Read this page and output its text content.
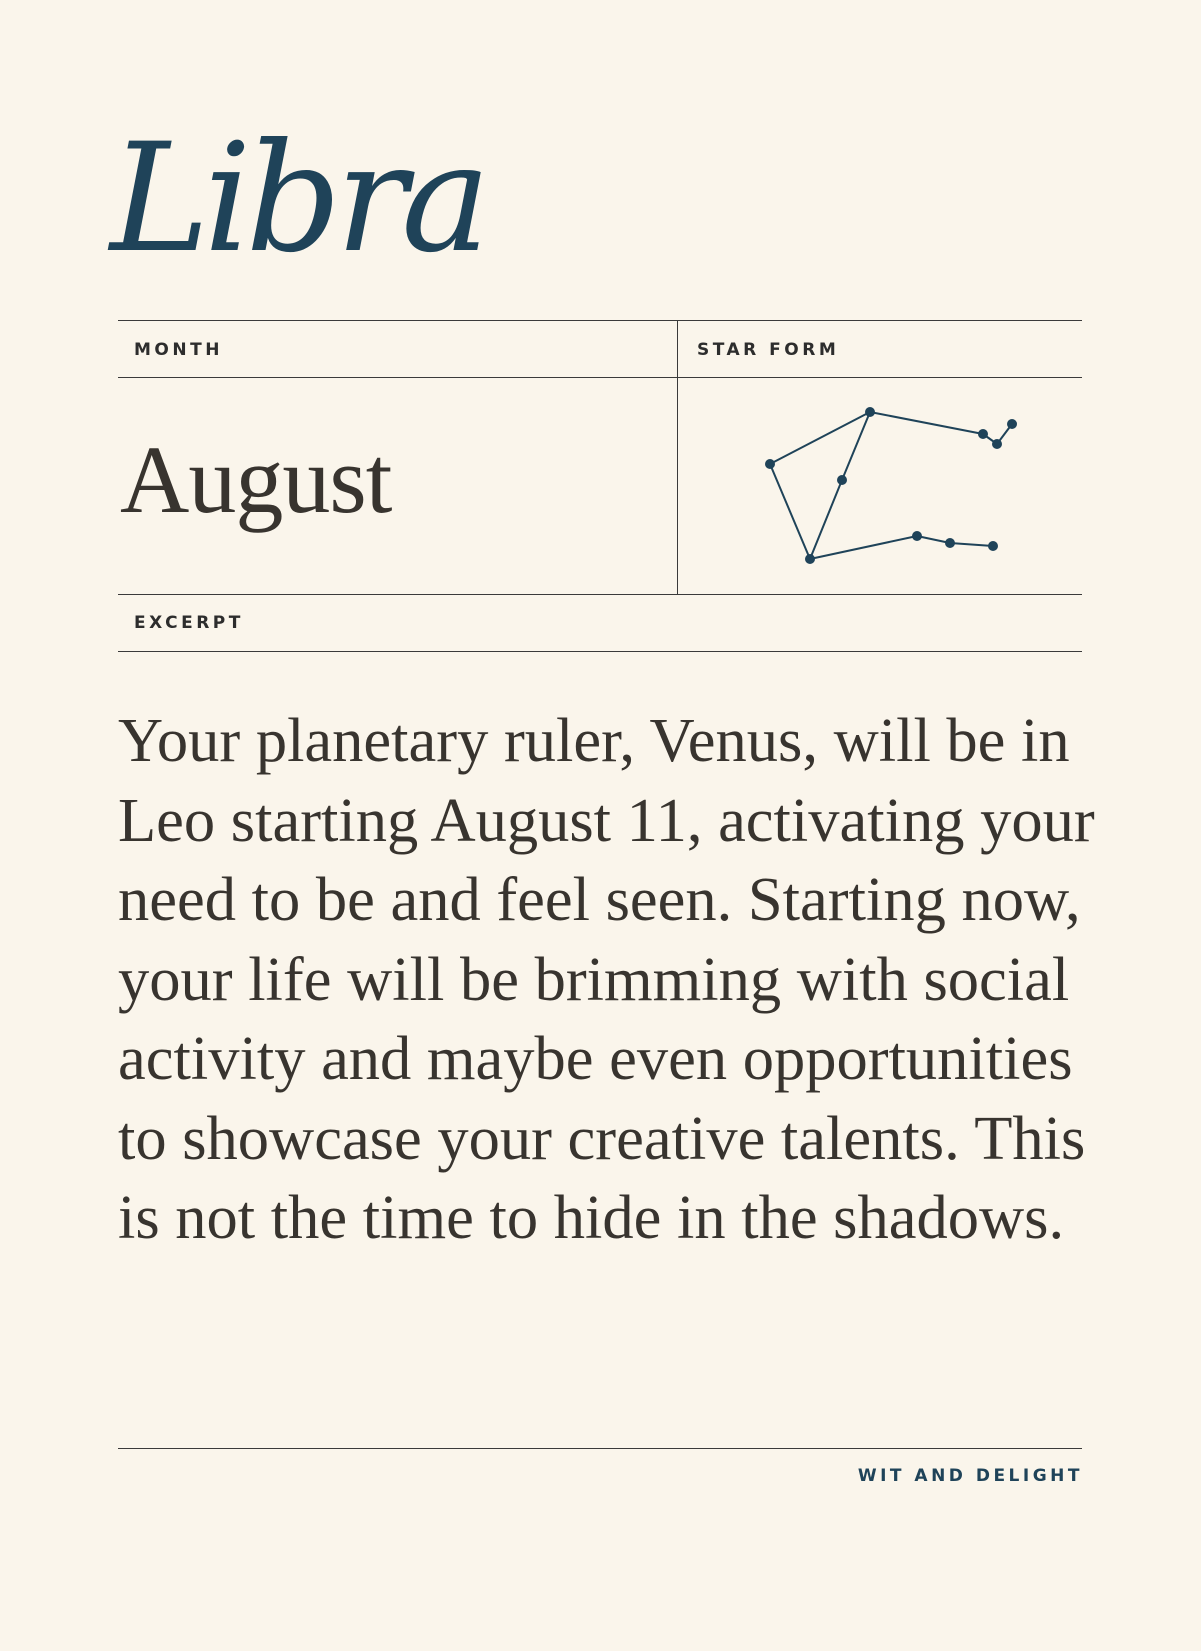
Libra
MONTH	STAR FORM
August
EXCERPT

Your planetary ruler, Venus, will be in Leo starting August 11, activating your need to be and feel seen. Starting now, your life will be brimming with social activity and maybe even opportunities to showcase your creative talents. This is not the time to hide in the shadows.

WIT AND DELIGHT
